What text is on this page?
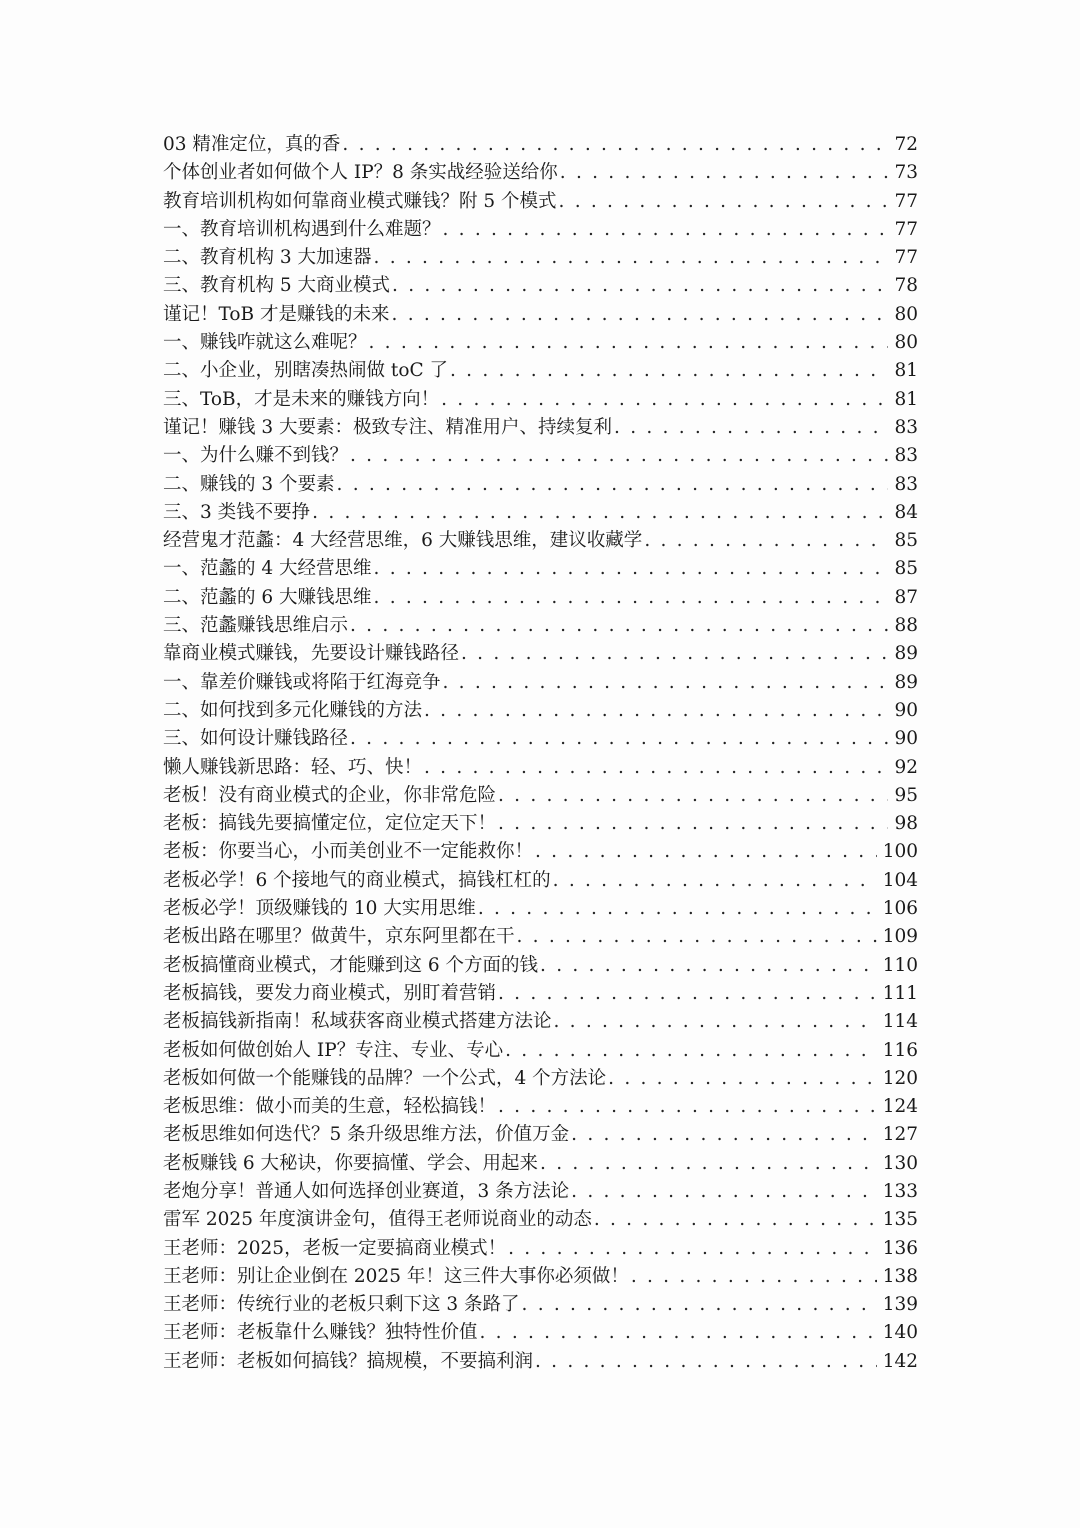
03 精准定位，真的香 . . .	72
个体创业者如何做个人 IP？8 条实战经验送给你 . . .	73
教育培训机构如何靠商业模式赚钱？附 5 个模式 . . .	77
一、教育培训机构遇到什么难题？ . . .	77
二、教育机构 3 大加速器 . . .	77
三、教育机构 5 大商业模式 . . .	78
谨记！ToB 才是赚钱的未来 . . .	80
一、赚钱咋就这么难呢？ . . .	80
二、小企业，别瞎凑热闹做 toC 了 . . .	81
三、ToB，才是未来的赚钱方向！ . . .	81
谨记！赚钱 3 大要素：极致专注、精准用户、持续复利 . . .	83
一、为什么赚不到钱？ . . .	83
二、赚钱的 3 个要素 . . .	83
三、3 类钱不要挣 . . .	84
经营鬼才范蠡：4 大经营思维，6 大赚钱思维，建议收藏学 . . .	85
一、范蠡的 4 大经营思维 . . .	85
二、范蠡的 6 大赚钱思维 . . .	87
三、范蠡赚钱思维启示 . . .	88
靠商业模式赚钱，先要设计赚钱路径 . . .	89
一、靠差价赚钱或将陷于红海竞争 . . .	89
二、如何找到多元化赚钱的方法 . . .	90
三、如何设计赚钱路径 . . .	90
懒人赚钱新思路：轻、巧、快！ . . .	92
老板！没有商业模式的企业，你非常危险 . . .	95
老板：搞钱先要搞懂定位，定位定天下！ . . .	98
老板：你要当心，小而美创业不一定能救你！ . . .	100
老板必学！6 个接地气的商业模式，搞钱杠杠的 . . .	104
老板必学！顶级赚钱的 10 大实用思维 . . .	106
老板出路在哪里？做黄牛，京东阿里都在干 . . .	109
老板搞懂商业模式，才能赚到这 6 个方面的钱 . . .	110
老板搞钱，要发力商业模式，别盯着营销 . . .	111
老板搞钱新指南！私域获客商业模式搭建方法论 . . .	114
老板如何做创始人 IP？专注、专业、专心 . . .	116
老板如何做一个能赚钱的品牌？一个公式，4 个方法论 . . .	120
老板思维：做小而美的生意，轻松搞钱！ . . .	124
老板思维如何迭代？5 条升级思维方法，价值万金 . . .	127
老板赚钱 6 大秘诀，你要搞懂、学会、用起来 . . .	130
老炮分享！普通人如何选择创业赛道，3 条方法论 . . .	133
雷军 2025 年度演讲金句，值得王老师说商业的动态 . . .	135
王老师：2025，老板一定要搞商业模式！ . . .	136
王老师：别让企业倒在 2025 年！这三件大事你必须做！ . . .	138
王老师：传统行业的老板只剩下这 3 条路了 . . .	139
王老师：老板靠什么赚钱？独特性价值 . . .	140
王老师：老板如何搞钱？搞规模，不要搞利润 . . .	142
